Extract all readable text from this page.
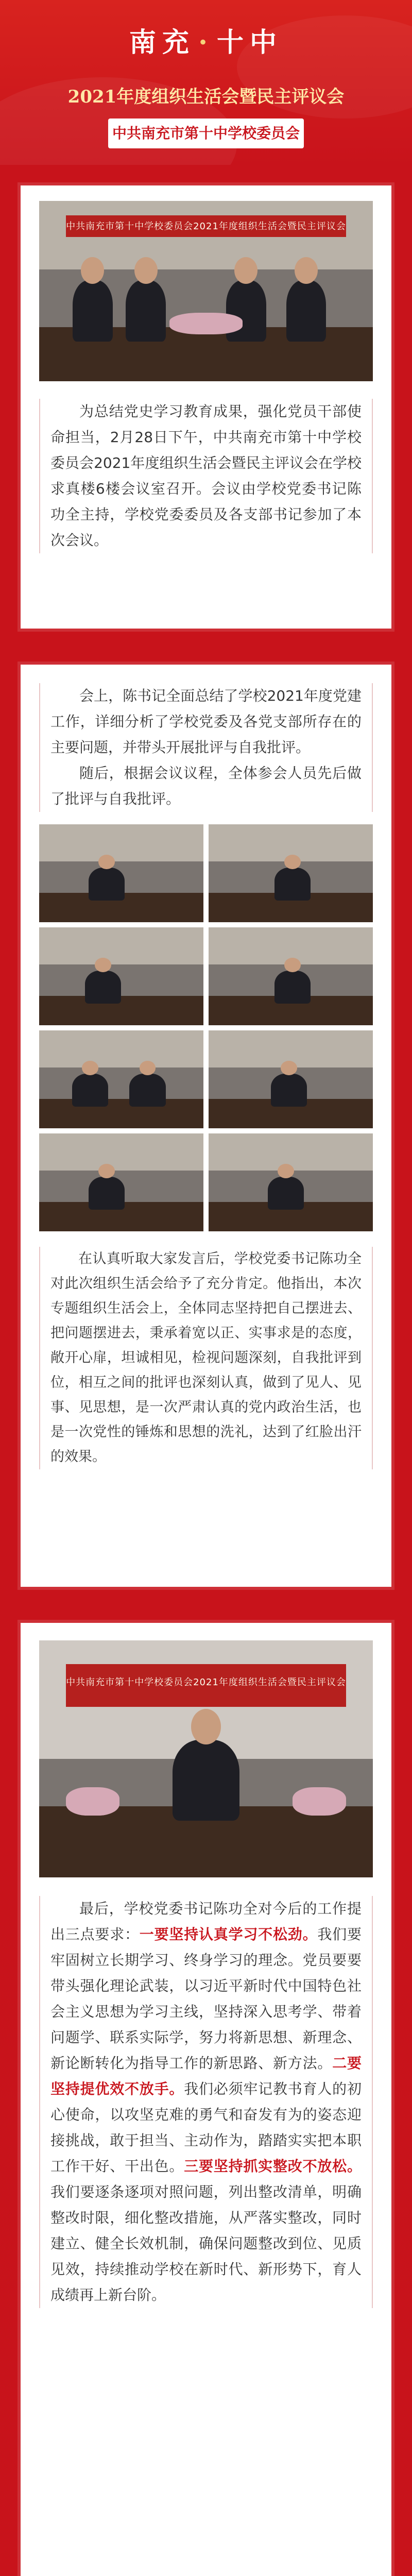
南充 · 十中
2021年度组织生活会暨民主评议会
中共南充市第十中学校委员会
中共南充市第十中学校委员会2021年度组织生活会暨民主评议会

为总结党史学习教育成果，强化党员干部使命担当，2月28日下午，中共南充市第十中学校委员会2021年度组织生活会暨民主评议会在学校求真楼6楼会议室召开。会议由学校党委书记陈功全主持，学校党委委员及各支部书记参加了本次会议。

会上，陈书记全面总结了学校2021年度党建工作，详细分析了学校党委及各党支部所存在的主要问题，并带头开展批评与自我批评。

随后，根据会议议程，全体参会人员先后做了批评与自我批评。

在认真听取大家发言后，学校党委书记陈功全对此次组织生活会给予了充分肯定。他指出，本次专题组织生活会上，全体同志坚持把自己摆进去、把问题摆进去，秉承着宽以正、实事求是的态度，敞开心扉，坦诚相见，检视问题深刻，自我批评到位，相互之间的批评也深刻认真，做到了见人、见事、见思想，是一次严肃认真的党内政治生活，也是一次党性的锤炼和思想的洗礼，达到了红脸出汗的效果。

中共南充市第十中学校委员会2021年度组织生活会暨民主评议会

最后，学校党委书记陈功全对今后的工作提出三点要求：一要坚持认真学习不松劲。我们要牢固树立长期学习、终身学习的理念。党员要要带头强化理论武装，以习近平新时代中国特色社会主义思想为学习主线，坚持深入思考学、带着问题学、联系实际学，努力将新思想、新理念、新论断转化为指导工作的新思路、新方法。二要坚持提优效不放手。我们必须牢记教书育人的初心使命，以攻坚克难的勇气和奋发有为的姿态迎接挑战，敢于担当、主动作为，踏踏实实把本职工作干好、干出色。三要坚持抓实整改不放松。我们要逐条逐项对照问题，列出整改清单，明确整改时限，细化整改措施，从严落实整改，同时建立、健全长效机制，确保问题整改到位、见质见效，持续推动学校在新时代、新形势下，育人成绩再上新台阶。
